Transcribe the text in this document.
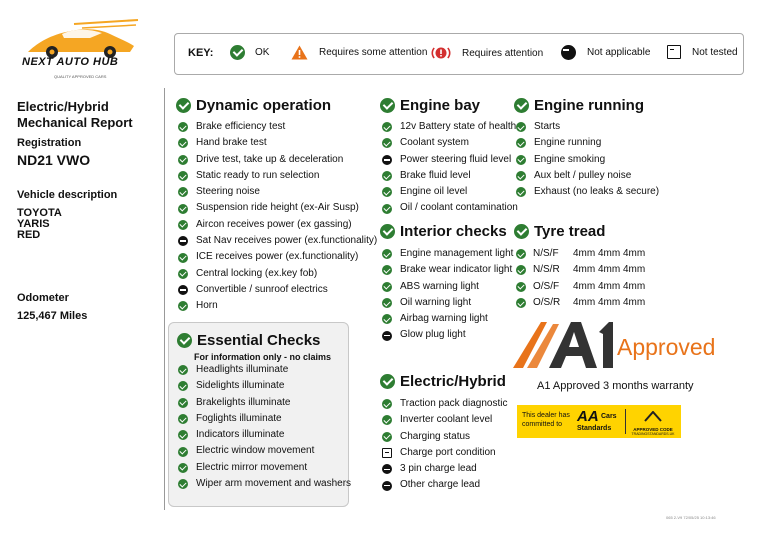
NEXT AUTO HUB
QUALITY APPROVED CARS
KEY:	OK	Requires some attention	Requires attention	Not applicable	Not tested
Electric/Hybrid
Mechanical Report
Registration
ND21 VWO
Vehicle description
TOYOTA
YARIS
RED
Odometer
125,467 Miles
Dynamic operation
Brake efficiency test
Hand brake test
Drive test, take up & deceleration
Static ready to run selection
Steering noise
Suspension ride height (ex-Air Susp)
Aircon receives power (ex gassing)
Sat Nav receives power (ex.functionality)
ICE receives power (ex.functionality)
Central locking (ex.key fob)
Convertible / sunroof electrics
Horn
Essential Checks
For information only - no claims
Headlights illuminate
Sidelights illuminate
Brakelights illuminate
Foglights illuminate
Indicators illuminate
Electric window movement
Electric mirror movement
Wiper arm movement and washers
Engine bay
12v Battery state of health
Coolant system
Power steering fluid level
Brake fluid level
Engine oil level
Oil / coolant contamination
Interior checks
Engine management light
Brake wear indicator light
ABS warning light
Oil warning light
Airbag warning light
Glow plug light
Electric/Hybrid
Traction pack diagnostic
Inverter coolant level
Charging status
Charge port condition
3 pin charge lead
Other charge lead
Engine running
Starts
Engine running
Engine smoking
Aux belt / pulley noise
Exhaust (no leaks & secure)
Tyre tread
N/S/F	4mm 4mm 4mm
N/S/R	4mm 4mm 4mm
O/S/F	4mm 4mm 4mm
O/S/R	4mm 4mm 4mm
Approved
A1 Approved 3 months warranty
This dealer has committed to AA Cars
Standards	APPROVED CODE
TRADINGSTANDARDS.UK
065 2-V9 72/05/25 10:13:46
